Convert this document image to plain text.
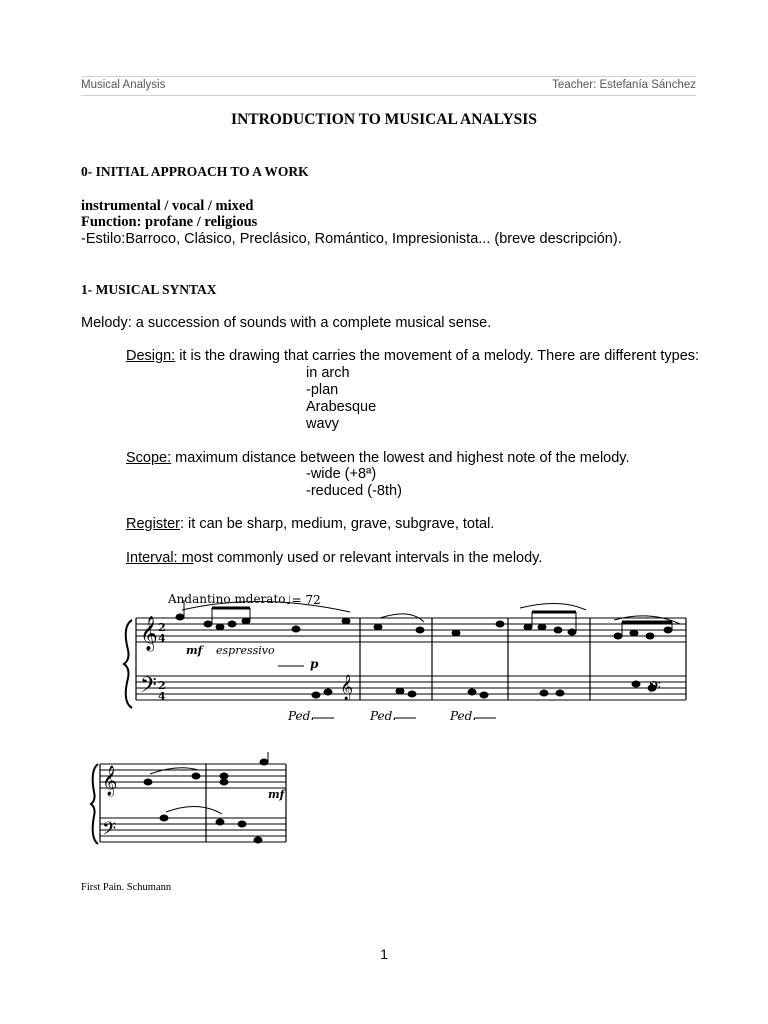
Musical Analysis	Teacher: Estefanía Sánchez
INTRODUCTION TO MUSICAL ANALYSIS
0- INITIAL APPROACH TO A WORK
instrumental / vocal / mixed
Function: profane / religious
-Estilo:Barroco, Clásico, Preclásico, Romántico, Impresionista... (breve descripción).
1- MUSICAL SYNTAX
Melody: a succession of sounds with a complete musical sense.
Design: it is the drawing that carries the movement of a melody. There are different types:
in arch
-plan
Arabesque
wavy
Scope: maximum distance between the lowest and highest note of the melody.
-wide (+8ª)
-reduced (-8th)
Register: it can be sharp, medium, grave, subgrave, total.
Interval: most commonly used or relevant intervals in the melody.
Andantino mderato ♩= 72
𝄞
𝄢
2
4
2
4
mf espressivo
p
𝄞	𝄢
Ped.	Ped.	Ped.
𝄞
𝄢
mf
First Pain. Schumann
1
